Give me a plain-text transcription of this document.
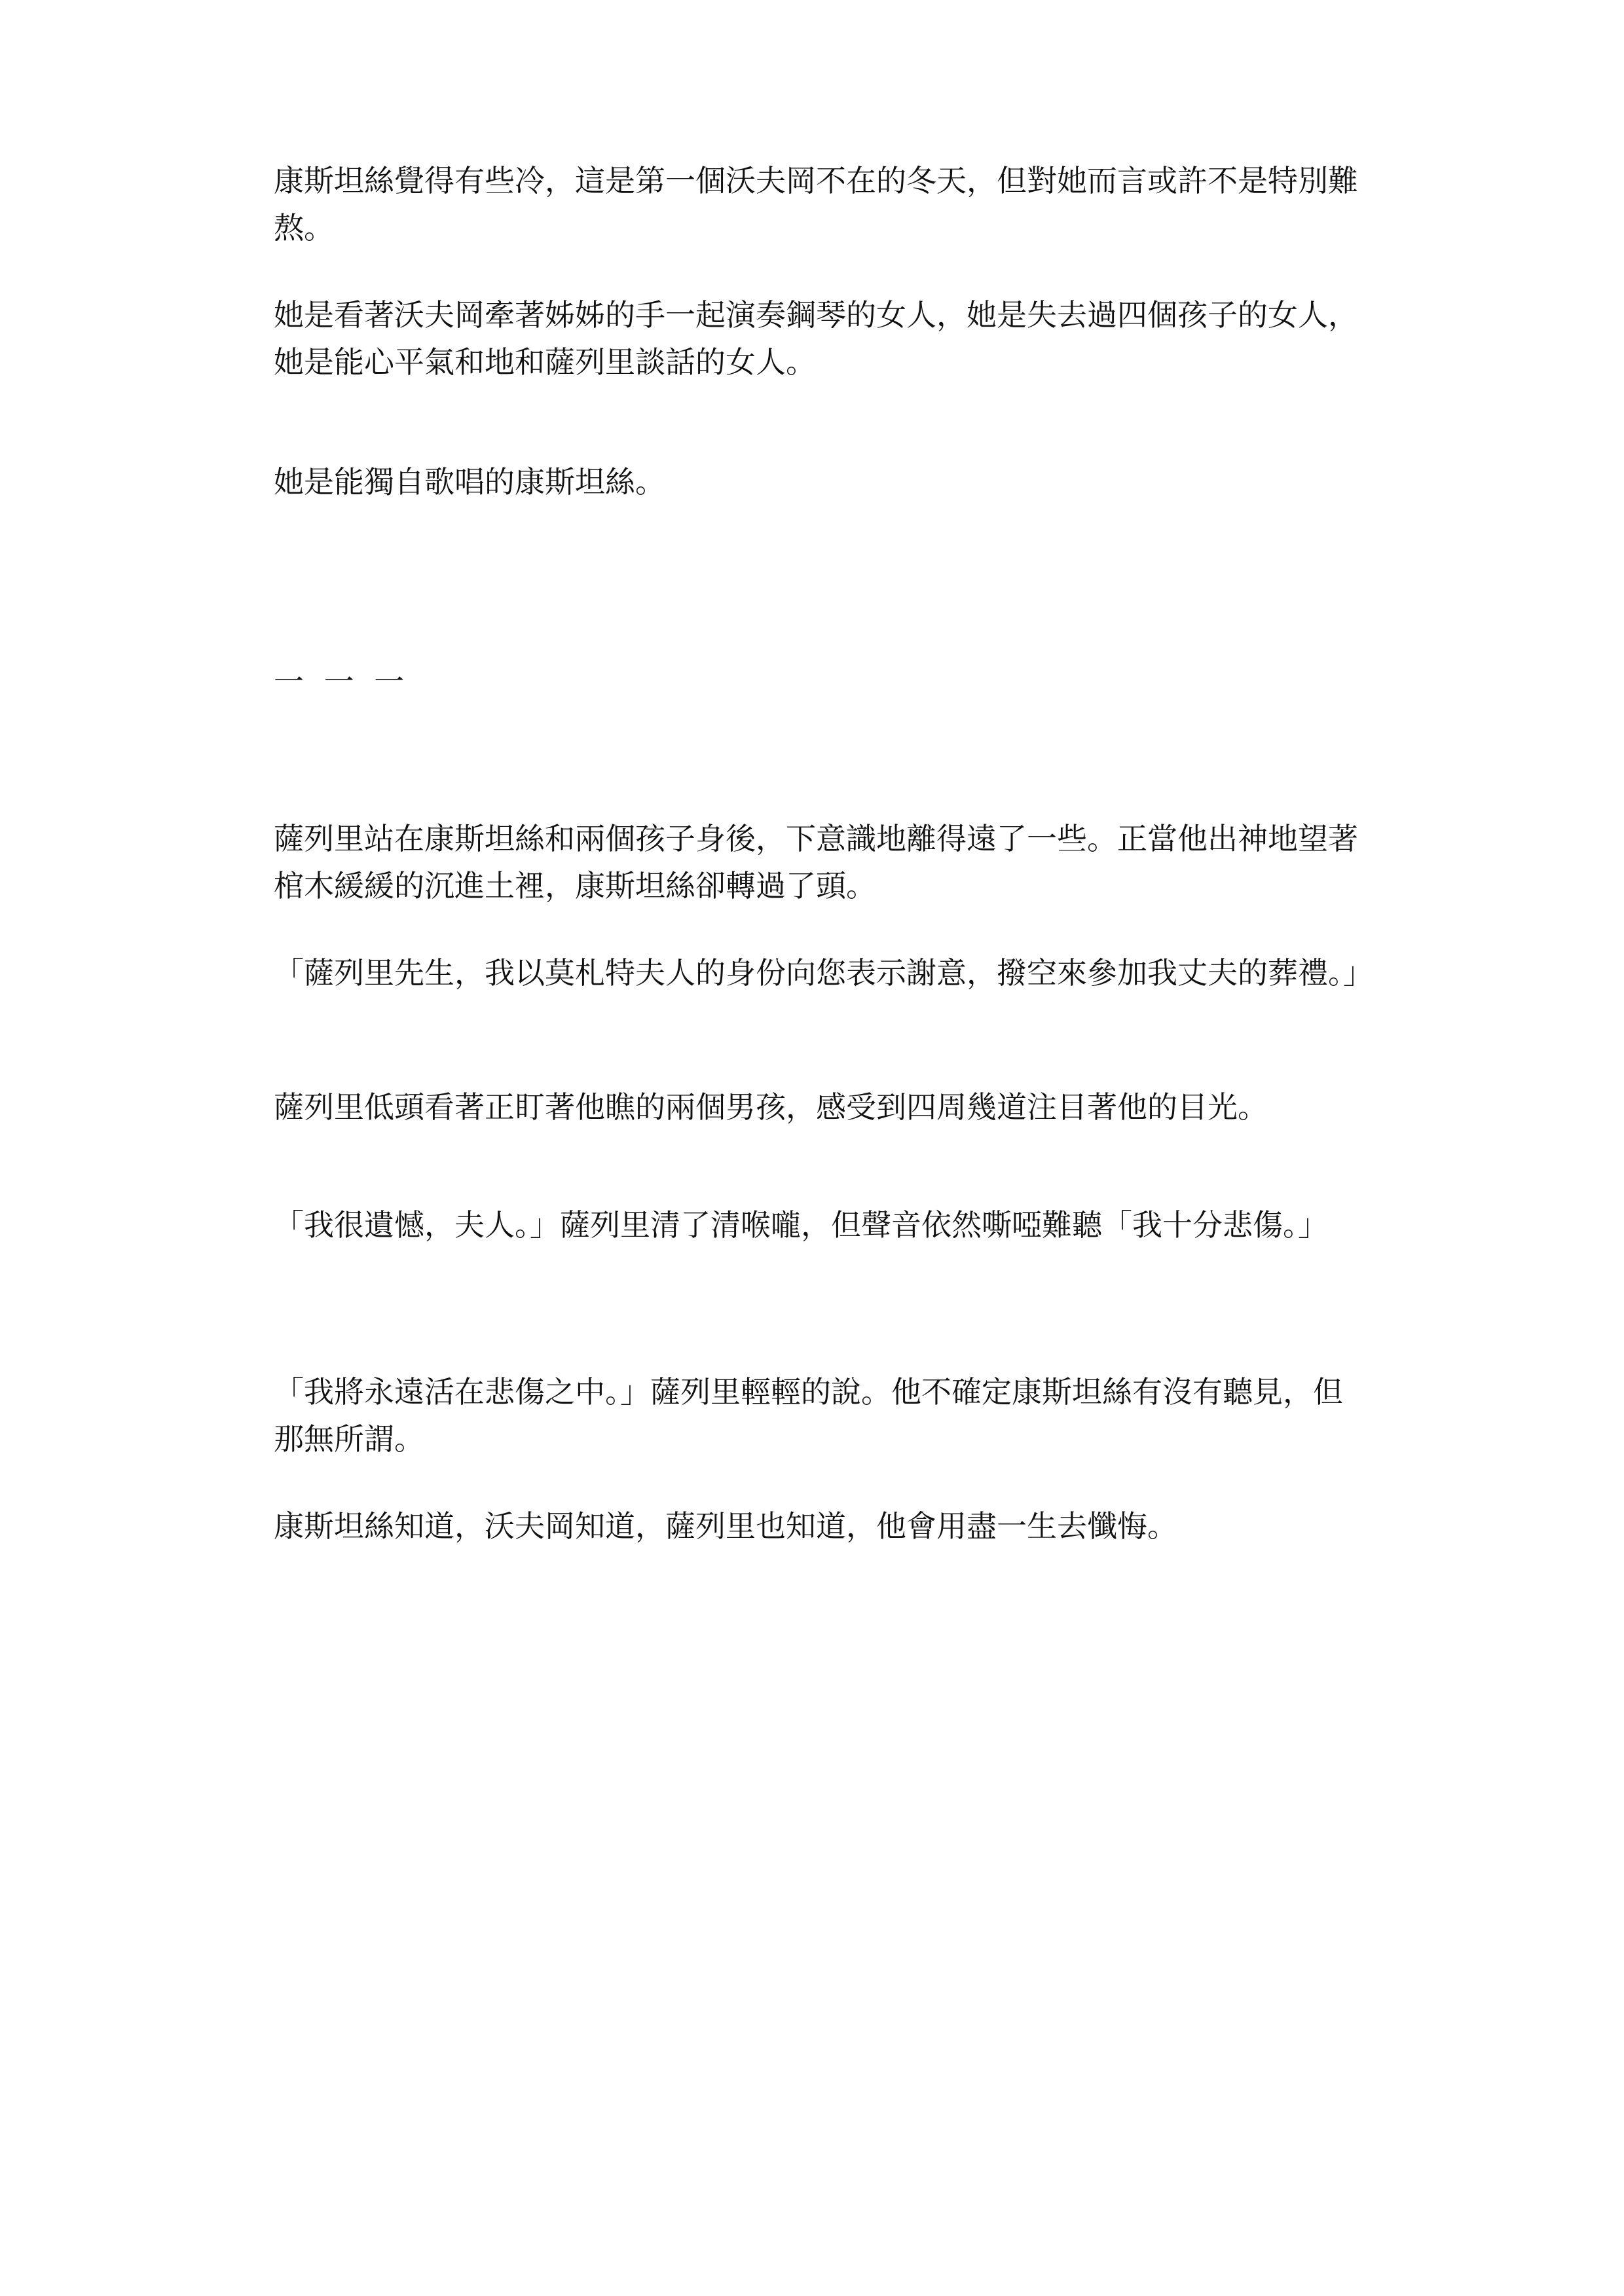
康斯坦絲覺得有些冷，這是第一個沃夫岡不在的冬天，但對她而言或許不是特別難熬。

她是看著沃夫岡牽著姊姊的手一起演奏鋼琴的女人，她是失去過四個孩子的女人，她是能心平氣和地和薩列里談話的女人。

她是能獨自歌唱的康斯坦絲。

一 一 一

薩列里站在康斯坦絲和兩個孩子身後，下意識地離得遠了一些。正當他出神地望著棺木緩緩的沉進土裡，康斯坦絲卻轉過了頭。

「薩列里先生，我以莫札特夫人的身份向您表示謝意，撥空來參加我丈夫的葬禮。」

薩列里低頭看著正盯著他瞧的兩個男孩，感受到四周幾道注目著他的目光。

「我很遺憾，夫人。」薩列里清了清喉嚨，但聲音依然嘶啞難聽「我十分悲傷。」

「我將永遠活在悲傷之中。」薩列里輕輕的說。他不確定康斯坦絲有沒有聽見，但那無所謂。

康斯坦絲知道，沃夫岡知道，薩列里也知道，他會用盡一生去懺悔。
